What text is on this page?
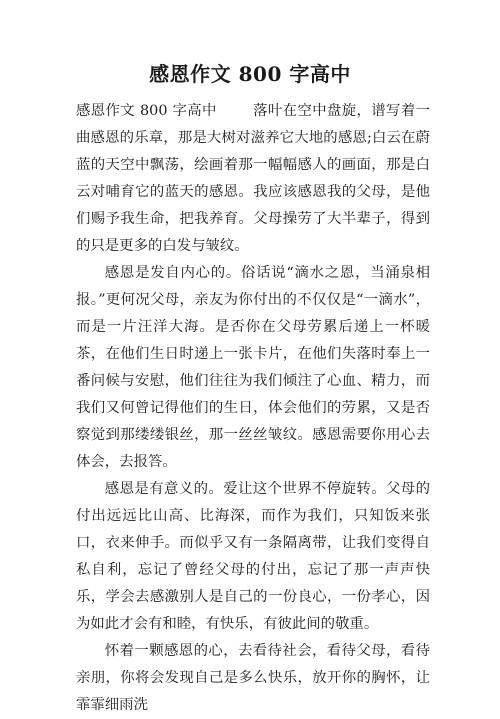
感恩作文 800 字高中

感恩作文 800 字高中	落叶在空中盘旋，谱写着一曲感恩的乐章，那是大树对滋养它大地的感恩;白云在蔚蓝的天空中飘荡，绘画着那一幅幅感人的画面，那是白云对哺育它的蓝天的感恩。我应该感恩我的父母，是他们赐予我生命，把我养育。父母操劳了大半辈子，得到的只是更多的白发与皱纹。

感恩是发自内心的。俗话说“滴水之恩，当涌泉相报。”更何况父母，亲友为你付出的不仅仅是“一滴水”，而是一片汪洋大海。是否你在父母劳累后递上一杯暖茶，在他们生日时递上一张卡片，在他们失落时奉上一番问候与安慰，他们往往为我们倾注了心血、精力，而我们又何曾记得他们的生日，体会他们的劳累，又是否察觉到那缕缕银丝，那一丝丝皱纹。感恩需要你用心去体会，去报答。

感恩是有意义的。爱让这个世界不停旋转。父母的付出远远比山高、比海深，而作为我们，只知饭来张口，衣来伸手。而似乎又有一条隔离带，让我们变得自私自利，忘记了曾经父母的付出，忘记了那一声声快乐，学会去感激别人是自己的一份良心，一份孝心，因为如此才会有和睦，有快乐，有彼此间的敬重。

怀着一颗感恩的心，去看待社会，看待父母，看待亲朋，你将会发现自己是多么快乐，放开你的胸怀，让霏霏细雨洗
